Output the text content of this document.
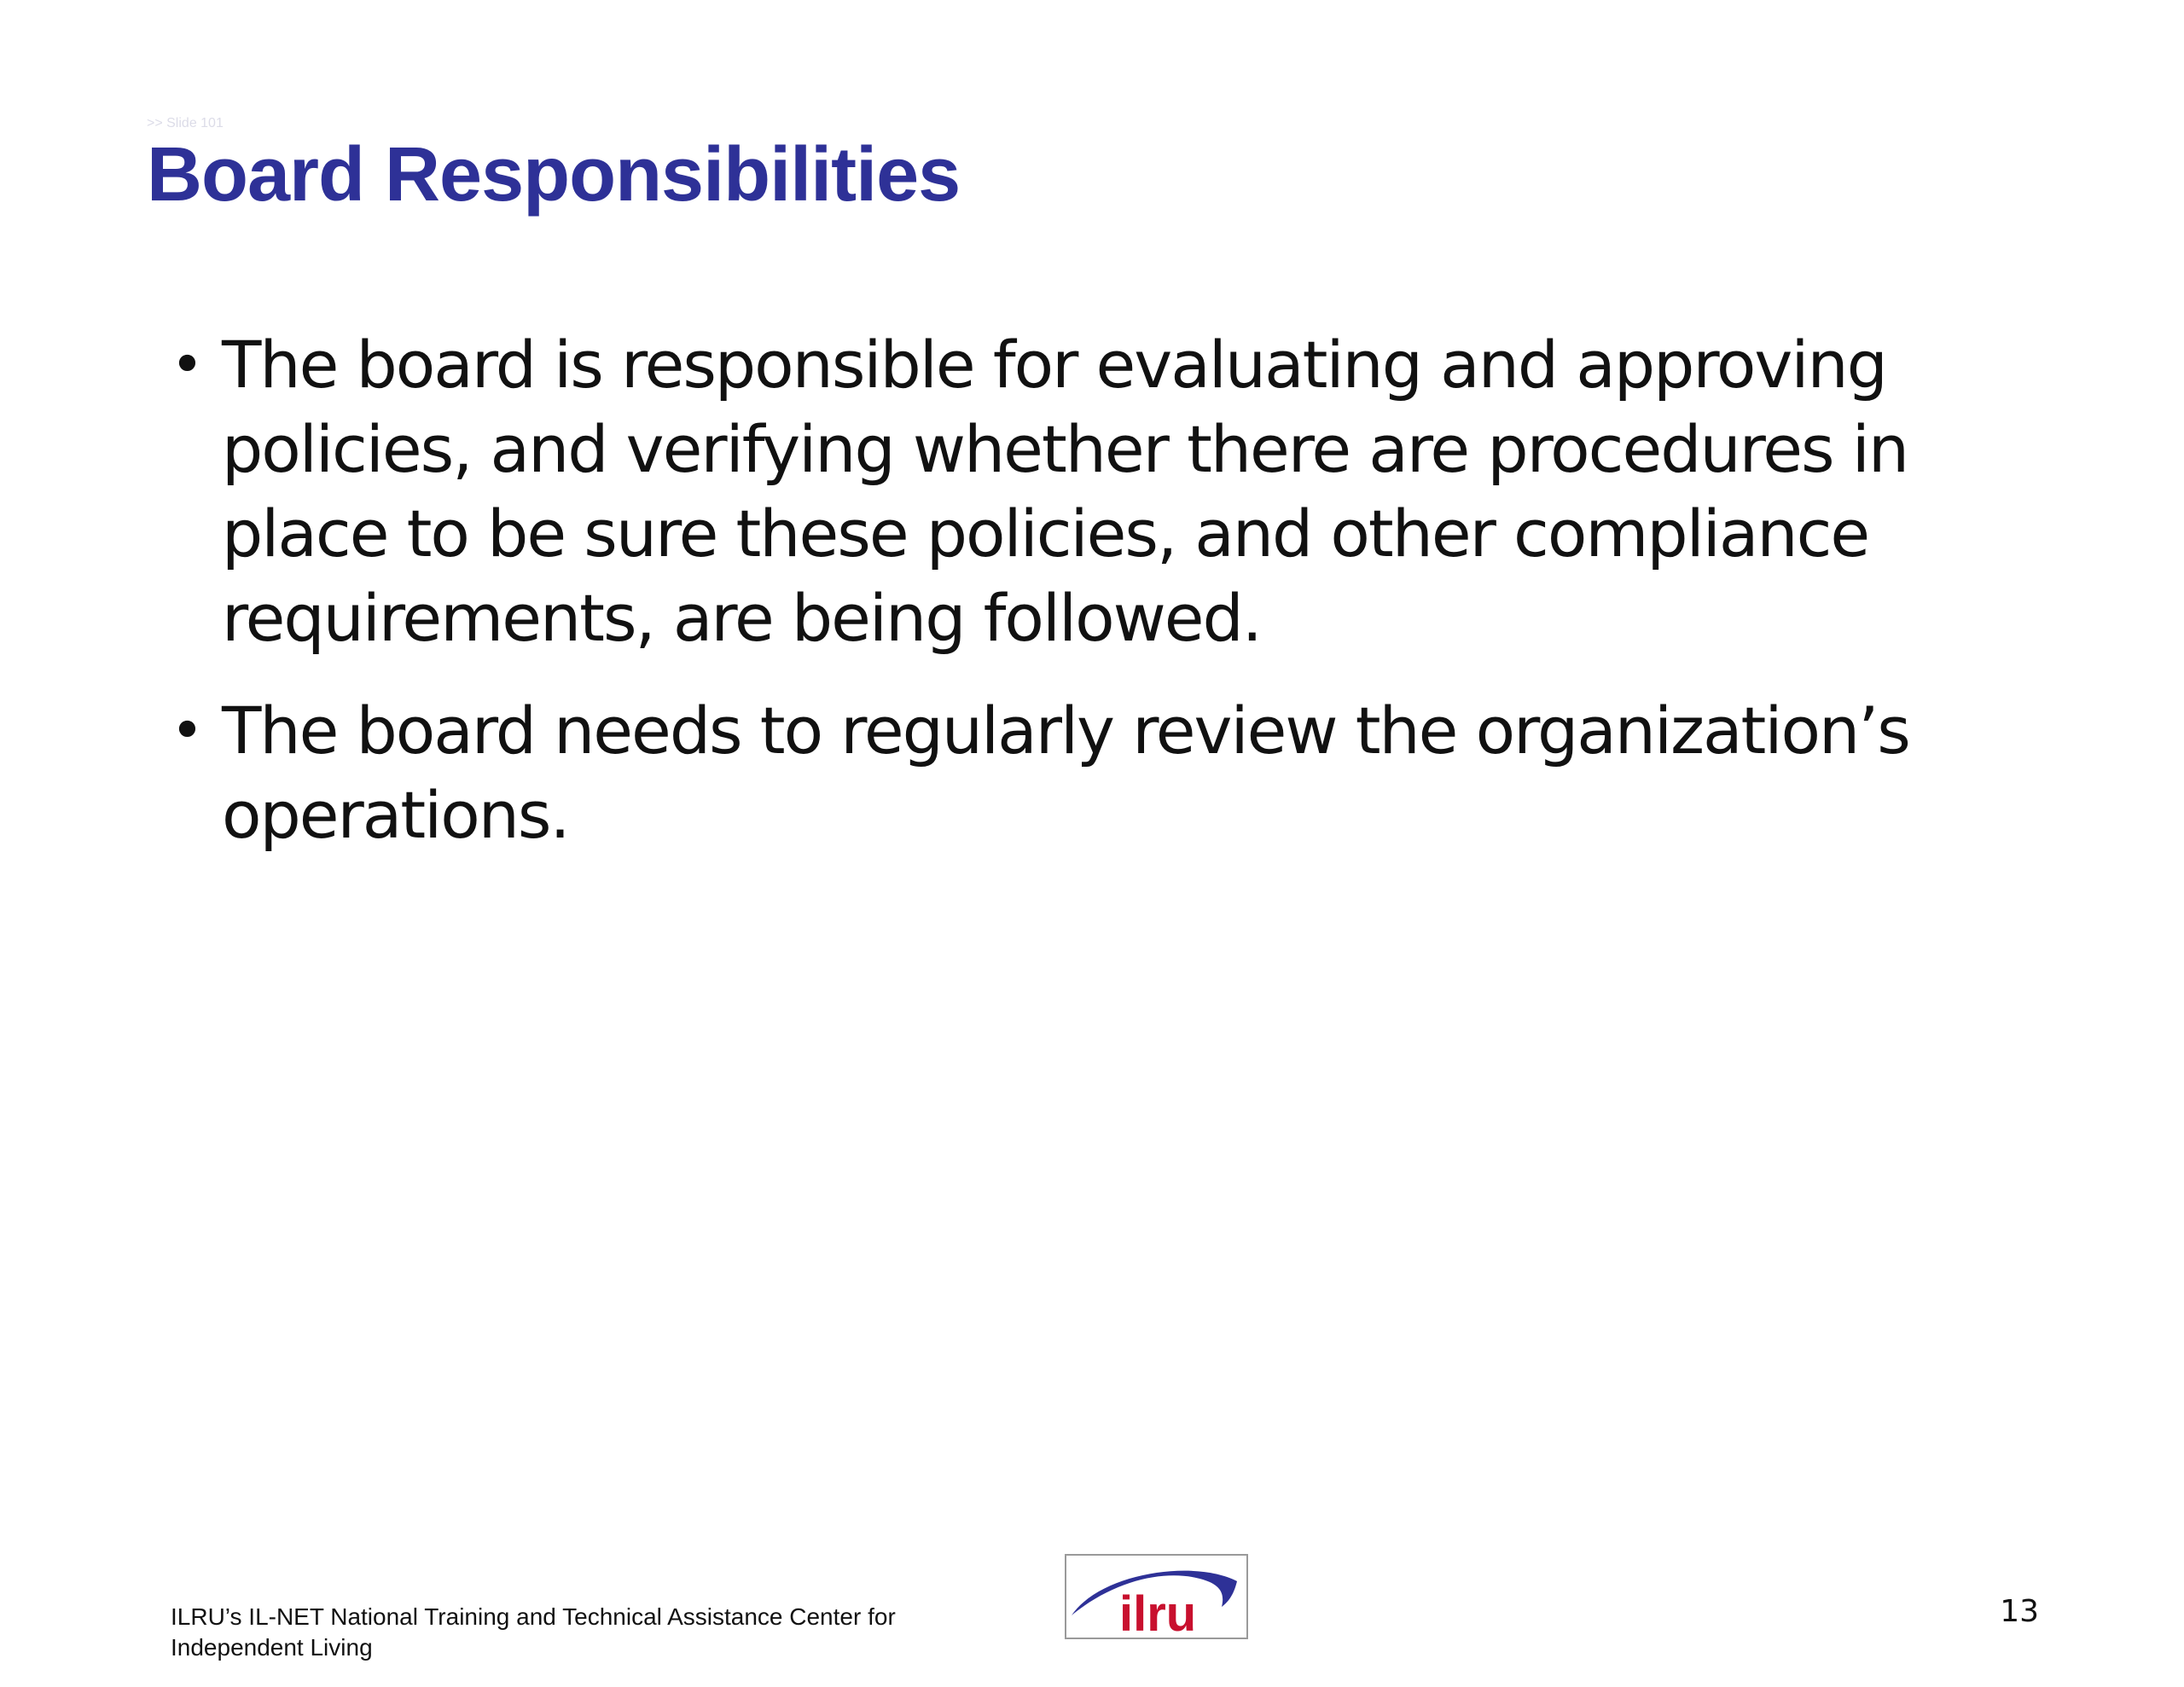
>> Slide 101
Board Responsibilities
• The board is responsible for evaluating and approving policies, and verifying whether there are procedures in place to be sure these policies, and other compliance requirements, are being followed.
• The board needs to regularly review the organization’s operations.
ILRU’s IL-NET National Training and Technical Assistance Center for Independent Living
ilru	13
